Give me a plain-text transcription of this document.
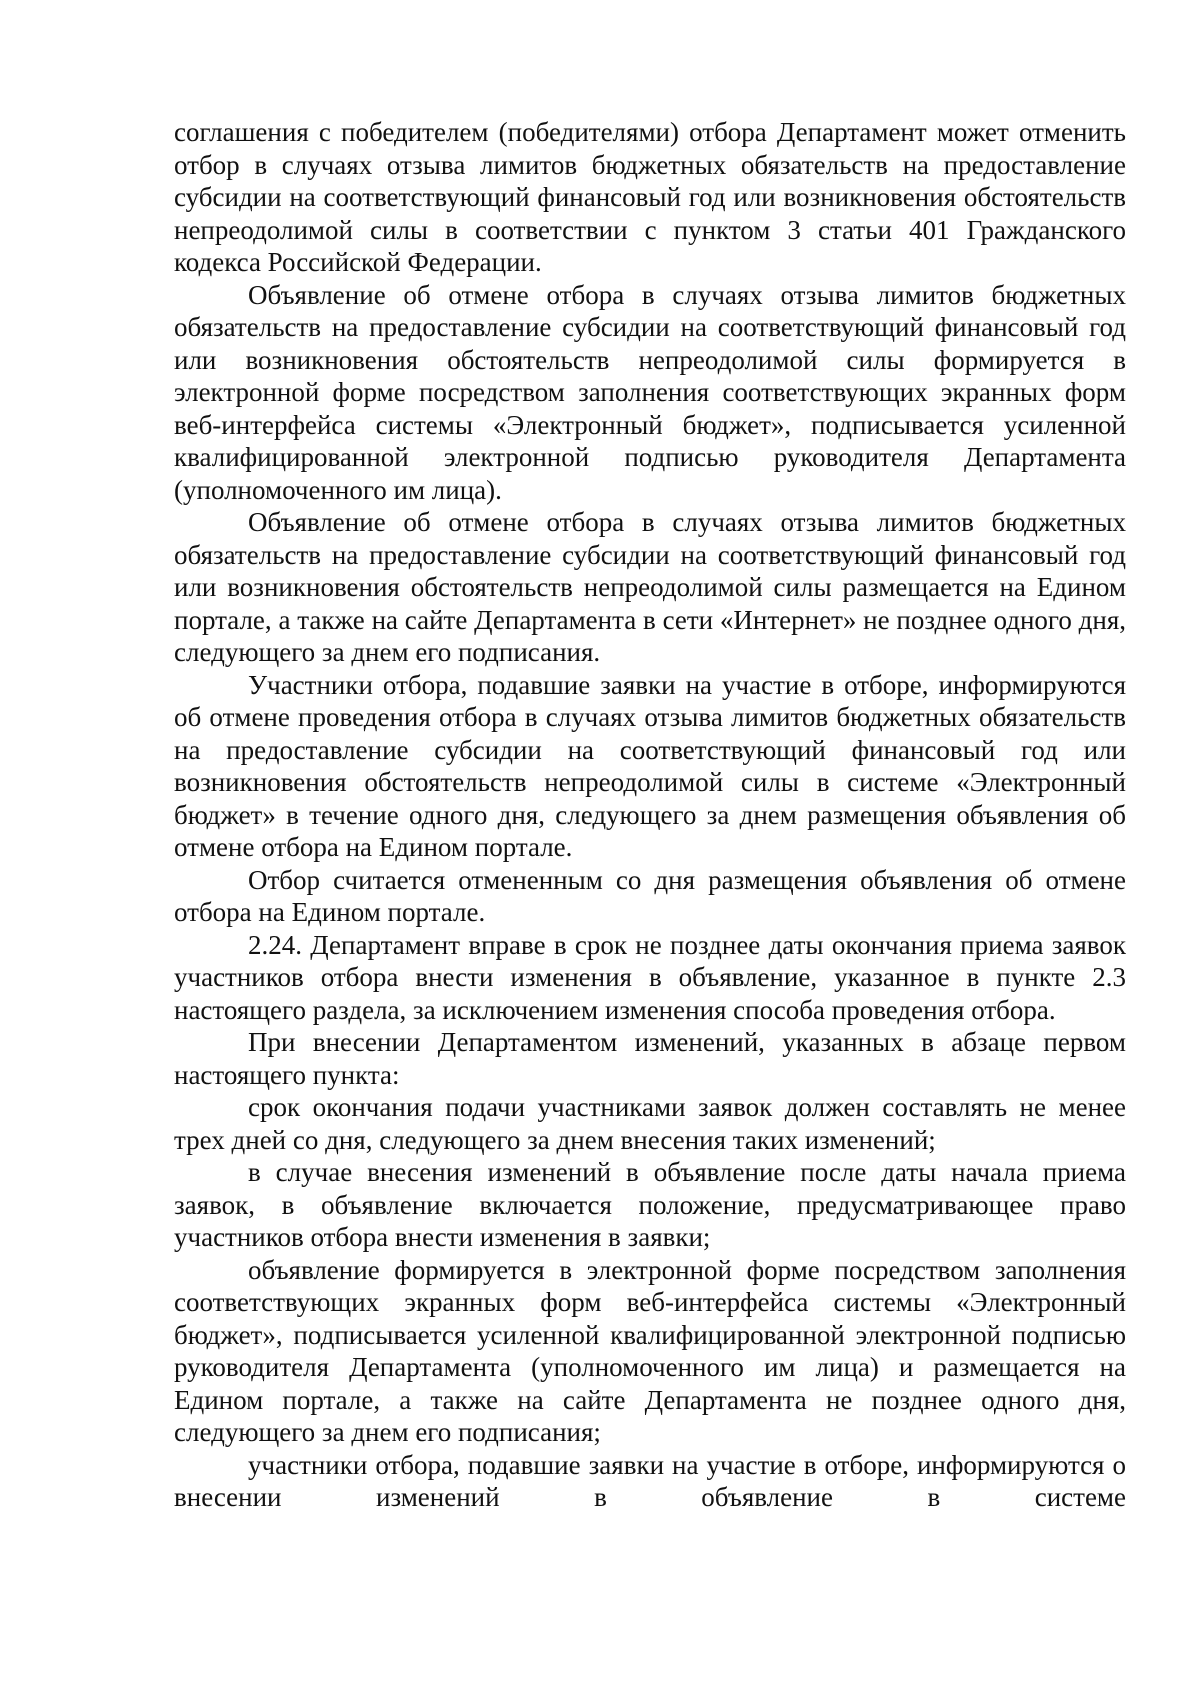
соглашения с победителем (победителями) отбора Департамент может отменить отбор в случаях отзыва лимитов бюджетных обязательств на предоставление субсидии на соответствующий финансовый год или возникновения обстоятельств непреодолимой силы в соответствии с пунктом 3 статьи 401 Гражданского кодекса Российской Федерации.

Объявление об отмене отбора в случаях отзыва лимитов бюджетных обязательств на предоставление субсидии на соответствующий финансовый год или возникновения обстоятельств непреодолимой силы формируется в электронной форме посредством заполнения соответствующих экранных форм веб-интерфейса системы «Электронный бюджет», подписывается усиленной квалифицированной электронной подписью руководителя Департамента (уполномоченного им лица).

Объявление об отмене отбора в случаях отзыва лимитов бюджетных обязательств на предоставление субсидии на соответствующий финансовый год или возникновения обстоятельств непреодолимой силы размещается на Едином портале, а также на сайте Департамента в сети «Интернет» не позднее одного дня, следующего за днем его подписания.

Участники отбора, подавшие заявки на участие в отборе, информируются об отмене проведения отбора в случаях отзыва лимитов бюджетных обязательств на предоставление субсидии на соответствующий финансовый год или возникновения обстоятельств непреодолимой силы в системе «Электронный бюджет» в течение одного дня, следующего за днем размещения объявления об отмене отбора на Едином портале.

Отбор считается отмененным со дня размещения объявления об отмене отбора на Едином портале.

2.24. Департамент вправе в срок не позднее даты окончания приема заявок участников отбора внести изменения в объявление, указанное в пункте 2.3 настоящего раздела, за исключением изменения способа проведения отбора.

При внесении Департаментом изменений, указанных в абзаце первом настоящего пункта:

срок окончания подачи участниками заявок должен составлять не менее трех дней со дня, следующего за днем внесения таких изменений;

в случае внесения изменений в объявление после даты начала приема заявок, в объявление включается положение, предусматривающее право участников отбора внести изменения в заявки;

объявление формируется в электронной форме посредством заполнения соответствующих экранных форм веб-интерфейса системы «Электронный бюджет», подписывается усиленной квалифицированной электронной подписью руководителя Департамента (уполномоченного им лица) и размещается на Едином портале, а также на сайте Департамента не позднее одного дня, следующего за днем его подписания;

участники отбора, подавшие заявки на участие в отборе, информируются о внесении изменений в объявление в системе
